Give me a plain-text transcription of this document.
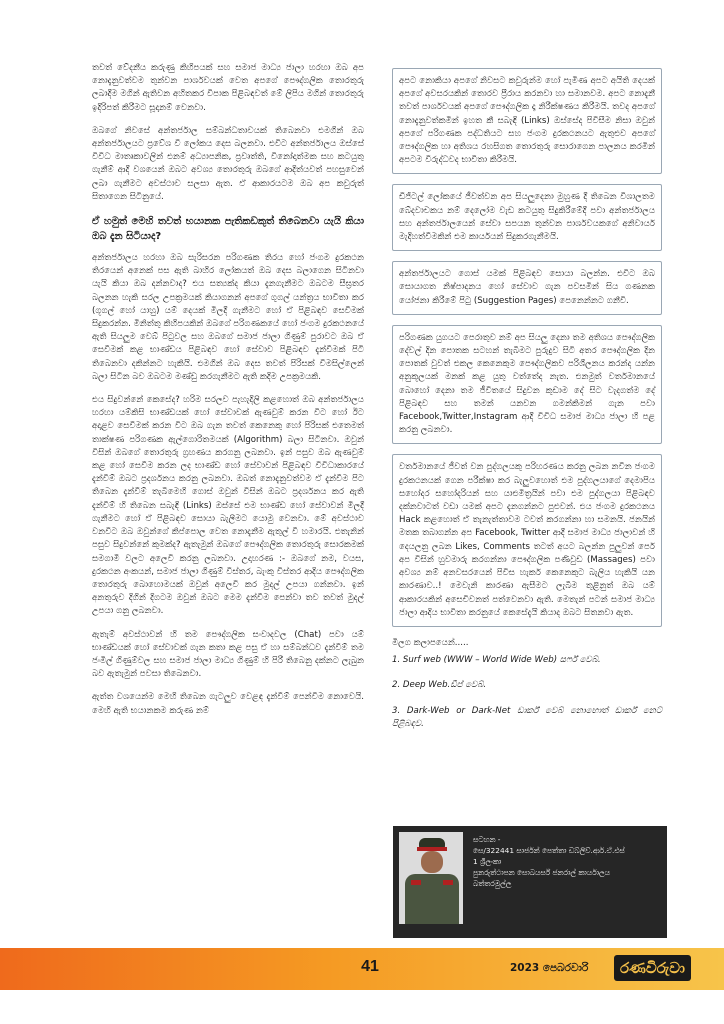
තවත් වේදනීය කරුණු කිහිපයක් සහ සමාජ මාධ්‍ය ජාලා හරහා ඔබ අප නොදැනුවත්වම තුන්වන පාර්ශවයක් වෙත අපගේ පෞද්ගලික තොරතුරු ලබාදීම මගින් ඇතිවන අහිතකර විපාක පිළිබඳවත් මේ ලිපිය මගින් තොරතුරු ඉදිරිපත් කිරීමට සූදානම් වෙනවා.

ඔබගේ නිවසේ අන්තර්ජාල සම්බන්ධතාවයක් තිබෙනවා එමගින් ඔබ අන්තර්ජාලයට ප්‍රවේශ වී ලෝකය දෙස බලනවා. එවිට අන්තර්ජාලය ඔස්සේ විවිධ මාතෘකාවලින් එනම් අධ්‍යාපනික, ප්‍රවෘත්ති, විනෝදාත්මක සහ කටයුතු ගැනීම් ආදී වශයෙන් ඔබට අවශ්‍ය තොරතුරු ඔබගේ ආදිත්යවත් පහසුවෙන් ලබා ගැනීමට අවස්ථාව සලසා ඇත. ඒ ආකාරයටම ඔබ අප කවුරුත් සිතාගෙන සිටිනුයේ.

ඒ හමුත් මෙහි තවත් භයානක පැතිකඩකුත් තිබෙනවා යැයි කියා ඔබ දැන සිටියාද?

අන්තර්ජාලය හරහා ඔබ සැරිසරන පරිගණක තිරය හෝ ජංගම දුරකථන තිරයෙන් අනෙක් පස ඇති බාහිර ලෝකයත් ඔබ දෙස බලාගෙන සිටිනවා යැයි කියා ඔබ දන්නවාද? එය සත්‍යක්ද කියා දැනගැනීමට ඔබටම සීඝ්‍රතර බලනන හැකි සරල උපක්‍රමයක් කියාගනන් අපගේ ගුගල් යන්ත්‍රය භාවිතා කර (ගූගල් හෝ යාහු) යම් දෙයක් මිලදී ගැනීමට හෝ ඒ පිළිබඳව සෙවීමක් සිදුකරන්න. මිනිත්තු කිහිපයකින් ඔබගේ පරිගණකයේ හෝ ජංගම දුරකථනයේ ඇති සියලුම වෙබ් පිටුවල සහ ඔබගේ සමාජ ජාලා ගිණුම් පුරාවට ඔබ ඒ සෙවීමක් කළ භාණ්ඩය පිළිබඳව හෝ සේවාව පිළිබඳව දැන්වීමක් පිටි තිබෙනවා දකින්නට හැකියි. එමගින් ඔබ දෙස තවත් පිරිසක් වීමසිල්ලෙන් බලා සිටින බව ඔබටම මණ්ඩු කරගැනීමට ඇති කදිම උපක්‍රමයකි.

එය සිදුවන්නේ කෙසේද? හරිම සරලව පැහැදිලි කළහොත් ඔබ අන්තර්ජාලය හරහා යම්කිසි භාණ්ඩයක් හෝ සේවාවක් ඇණවුම් කරන විට හෝ ඊට අදාළව සෙවීමක් කරන විට ඔබ ගැන තවත් කෙනෙකු හෝ පිරිසක් එතෙමත් තාක්ෂණ පරිගණක ඇල්ගොරිතමයක් (Algorithm) බලා සිටිනවා. ඔවුන් විසින් ඔබගේ තොරතුරු ග්‍රහණය කරගනු ලබනවා. ඉන් පසුව ඔබ ඇණවුම් කළ හෝ සෙවීම කරන ලද භාණ්ඩ හෝ සේවාවන් පිළිබඳව විවිධාකාරයේ දැන්වීම් ඔබට ප්‍රදර්ශනය කරනු ලබනවා. ඔබත් නොදැනුවත්වම ඒ දැන්වීම පිට තිබෙන දැන්වීම් තැබීමෙහි ගොස් ඔවුන් විසින් ඔබට ප්‍රදර්ශනය කර ඇති දැන්වීම් හි තිබෙන සබැඳි (Links) ඔස්සේ එම භාණ්ඩ හෝ සේවාවන් මිලදී ගැනීමට හෝ ඒ පිළිබඳව සොයා බැලීමට යොමු වෙනවා. මේ අවස්ථාව වනවිට ඔබ ඔවුන්ගේ කිප්පොල වෙත නොදැනීම ඇතුල් වී හමාරයි. එතැනින් පසුව සිදුවන්නේ කුමක්ද? ඇතැමුන් ඔබගේ පෞද්ගලික තොරතුරු සොරකමක් සමගාමී වලට අලෙවි කරනු ලබනවා. උදාහරණ :- ඔබගේ නම, වයස, දුරකථන අංකයන්, සමාජ ජාලා ගිණුම් විස්තර, බැංකු විස්තර ආදිය පෞද්ගලික තොරතුරු බොහොමයක් ඔවුන් අලෙවි කර මුදල් උපයා ගන්නවා. ඉන් අනතුරුව දිගින් දිගටම ඔවුන් ඔබට මෙම දැන්වීම පෙන්වා තව තවත් මුදල් උපයා ගනු ලබනවා.

ඇතැම් අවස්ථාවන් හි තම පෞද්ගලික සංවාදවල (Chat) පවා යම් භාණ්ඩයක් හෝ සේවාවක් ගැන කතා කළ පසු ඒ හා සම්බන්ධව දැන්වීම් තම ජංමිල් ගිණුම්වල සහ සමාජ ජාලා මාධ්‍ය ගිණුම් හි පිරී තිබෙනු දක්නට ලැබුන බව ඇතැමුන් පවසා තිබෙනවා.

ඇත්ත වශයෙන්ම මෙහි තිබෙන ගැටලුව වෙළඳ දැන්වීම් පෙන්වීම නොවෙයි. මෙහි ඇති භයානකම කරුණ නම්

අපට නොකියා අපගේ නිවසට කවුරුන්ම හෝ පැමිණ අපට අයිති දෙයක් අපගේ අවසරයකින් තොරව ප්‍රීරාය කරනවා හා සමානවම. අපට නොදැනී තවත් පාර්ශවයක් අපගේ පෞද්ගලික දෑ නිරීක්ෂණය කිරීමයි. තවද අපගේ නොදැනුවත්කමින් ඉහත කී සබැඳි (Links) ඔස්සේද පිවිසීම නිසා ඔවුන් අපගේ පරිගණක පද්ධතියට සහ ජංගම දුරකථනයට ඇතුළුව අපගේ පෞද්ගලික හා අතිශය රහසිගත තොරතුරු සොරාගෙන පාලනය කරමින් අපටම විරුද්ධවද භාවිතා කිරීමයි.
ඩිජිටල් ලෝකයේ ජීවත්වන අප සියලුදෙනා මුහුණ දී තිබෙන විශාලතම බේදවාචකය නම් දෙලෝම වැඩ කටයුතු සිදුකිරීමේදී පවා අන්තර්ජාලය සහ අන්තර්ජාලයෙන් සේවා සපයන තුන්වන පාර්ශවයකගේ අනිවාර්ය මැදිහත්වීමකින් එම කාර්යයන් සිදුකරගැනීමයි.
අන්තර්ජාලයට ගොස් යමක් පිළිබඳව සොයා බලන්න. එවිට ඔබ සොයාගත නිෂ්පාදනය හෝ සේවාව ගැන පවසමින් සිය ගණනක යෝජනා කිරීමේ පිටු (Suggestion Pages) පෙනෙන්නට ගනීවි.
පරිගණක යුගයට පෙරාතුව නම් අප සියලු දෙනා තම අතිශය පෞද්ගලික දේවල් දින පොතක සටහන් තැබීමට පුරුදුව සිටි අතර පෞද්ගලික දින පොතක් වුවත් එකල කෙනෙකුම පෞද්ගලිකව පරිශීලනය කරන්ද යන්න අනුකූලයක් මනක් කළ යුතු වත්තේද නැත. එනමුත් වර්තමානයේ බොහෝ දෙනා තම ජීවිතයේ සිදුවන කුඩාම දේ සිට වැදගත්ම දේ පිළිබඳව සහ තමන් යනවන ගමන්කිමන් ගැන පවා Facebook,Twitter,Instagram ආදී විවිධ සමාජ මාධ්‍ය ජාලා හි පළ කරනු ලබනවා.
වර්තමානයේ ජීවත් වන පුද්ගලයකු පරිහරණය කරනු ලබන නවීන ජංගම දුරකථනයක් ගෙන පරීක්ෂා කර බැලුවහොත් එම පුද්ගලයාගේ දෙමාපිය සහෝදර සහෝදරියන් සහ යාළුමිත්‍රයින් පවා එම පුද්ගලයා පිළිබඳව දක්නවාටත් වඩා යමක් අපට දැනගන්නට පුළුවන්. එය ජංගම දුරකථනය Hack කළහොත් ඒ තැනැත්තාවම ටවත් කරගන්නා හා සමනයි. ජනයින් මතක තබාගන්න අප Facebook, Twitter ආදී සමාජ මාධ්‍ය ජාලාවන් හි දෙයලනු ලබන Likes, Comments තටත් අයට බලන්න පුලුවන් පෙර් අප විසින් හුවමාරු කරගන්නා පෞද්ගලික පණිවුඩ (Massages) පවා අවශ්‍ය නම් අනවසරයෙන් පිවිස හැකර් කෙනෙකුට බැලිය හැකියි යන කාරණාව..! මෙවැනි කාරණා ඇසීමට ලැබීම තුළිනුත් ඔබ යම් ආකාරයකින් අසෙචිවනත් පත්වෙනවා ඇති. මෙතැන් පටන් සමාජ මාධ්‍ය ජාලා ආදිය භාවිතා කරනුයේ කෙසේදැයි කියාද ඔබට සිතනවා ඇත.
මිලග කලාපයෙන්.....
1. Surf web (WWW – World Wide Web) සර්ෆ් වෙබ්.
2. Deep Web.ඩීප් වෙබ්.
3. Dark-Web or Dark-Net ඩාර්ක් වෙබ් නොහොත් ඩාර්ක් නෙට් පිළිබඳව.
සටහන -
සෙ/322441 සාර්ජන් පෙත්තා ඩබ්ලිව්.ආර්.ඒ.එස්
1 ශ්‍රීලංකා
පුනරුත්ථාපන සොබයර්ස් ජනරාල් කාර්යාලය
බත්තරමුල්ල
41	2023 පෙබරවාරි	රණවිරුවා
